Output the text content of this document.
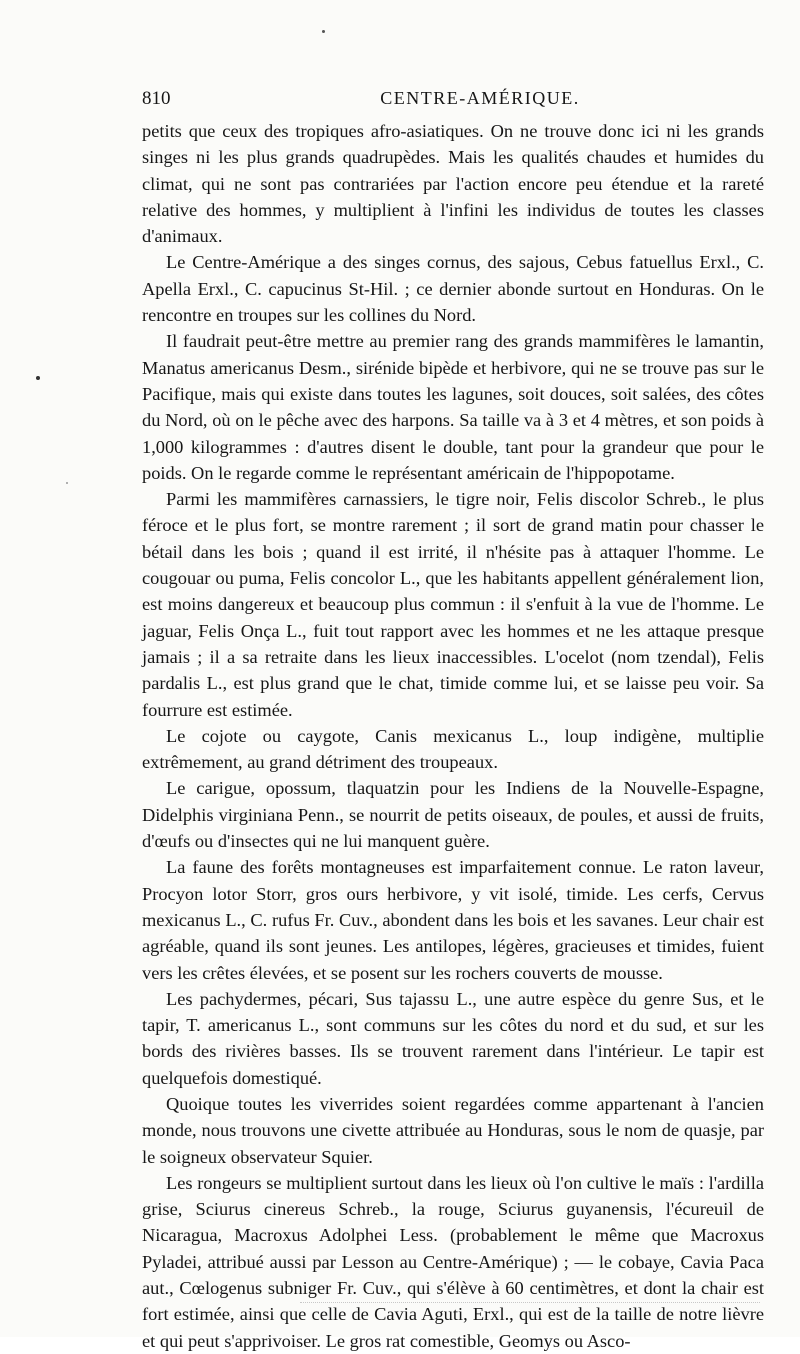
810	CENTRE-AMÉRIQUE.

petits que ceux des tropiques afro-asiatiques. On ne trouve donc ici ni les grands singes ni les plus grands quadrupèdes. Mais les qualités chaudes et humides du climat, qui ne sont pas contrariées par l'action encore peu étendue et la rareté relative des hommes, y multiplient à l'infini les individus de toutes les classes d'animaux.

Le Centre-Amérique a des singes cornus, des sajous, Cebus fatuellus Erxl., C. Apella Erxl., C. capucinus St-Hil. ; ce dernier abonde surtout en Honduras. On le rencontre en troupes sur les collines du Nord.

Il faudrait peut-être mettre au premier rang des grands mammifères le lamantin, Manatus americanus Desm., sirénide bipède et herbivore, qui ne se trouve pas sur le Pacifique, mais qui existe dans toutes les lagunes, soit douces, soit salées, des côtes du Nord, où on le pêche avec des harpons. Sa taille va à 3 et 4 mètres, et son poids à 1,000 kilogrammes : d'autres disent le double, tant pour la grandeur que pour le poids. On le regarde comme le représentant américain de l'hippopotame.

Parmi les mammifères carnassiers, le tigre noir, Felis discolor Schreb., le plus féroce et le plus fort, se montre rarement ; il sort de grand matin pour chasser le bétail dans les bois ; quand il est irrité, il n'hésite pas à attaquer l'homme. Le cougouar ou puma, Felis concolor L., que les habitants appellent généralement lion, est moins dangereux et beaucoup plus commun : il s'enfuit à la vue de l'homme. Le jaguar, Felis Onça L., fuit tout rapport avec les hommes et ne les attaque presque jamais ; il a sa retraite dans les lieux inaccessibles. L'ocelot (nom tzendal), Felis pardalis L., est plus grand que le chat, timide comme lui, et se laisse peu voir. Sa fourrure est estimée.

Le cojote ou caygote, Canis mexicanus L., loup indigène, multiplie extrêmement, au grand détriment des troupeaux.

Le carigue, opossum, tlaquatzin pour les Indiens de la Nouvelle-Espagne, Didelphis virginiana Penn., se nourrit de petits oiseaux, de poules, et aussi de fruits, d'œufs ou d'insectes qui ne lui manquent guère.

La faune des forêts montagneuses est imparfaitement connue. Le raton laveur, Procyon lotor Storr, gros ours herbivore, y vit isolé, timide. Les cerfs, Cervus mexicanus L., C. rufus Fr. Cuv., abondent dans les bois et les savanes. Leur chair est agréable, quand ils sont jeunes. Les antilopes, légères, gracieuses et timides, fuient vers les crêtes élevées, et se posent sur les rochers couverts de mousse.

Les pachydermes, pécari, Sus tajassu L., une autre espèce du genre Sus, et le tapir, T. americanus L., sont communs sur les côtes du nord et du sud, et sur les bords des rivières basses. Ils se trouvent rarement dans l'intérieur. Le tapir est quelquefois domestiqué.

Quoique toutes les viverrides soient regardées comme appartenant à l'ancien monde, nous trouvons une civette attribuée au Honduras, sous le nom de quasje, par le soigneux observateur Squier.

Les rongeurs se multiplient surtout dans les lieux où l'on cultive le maïs : l'ardilla grise, Sciurus cinereus Schreb., la rouge, Sciurus guyanensis, l'écureuil de Nicaragua, Macroxus Adolphei Less. (probablement le même que Macroxus Pyladei, attribué aussi par Lesson au Centre-Amérique) ; — le cobaye, Cavia Paca aut., Cœlogenus subniger Fr. Cuv., qui s'élève à 60 centimètres, et dont la chair est fort estimée, ainsi que celle de Cavia Aguti, Erxl., qui est de la taille de notre lièvre et qui peut s'apprivoiser. Le gros rat comestible, Geomys ou Asco-
